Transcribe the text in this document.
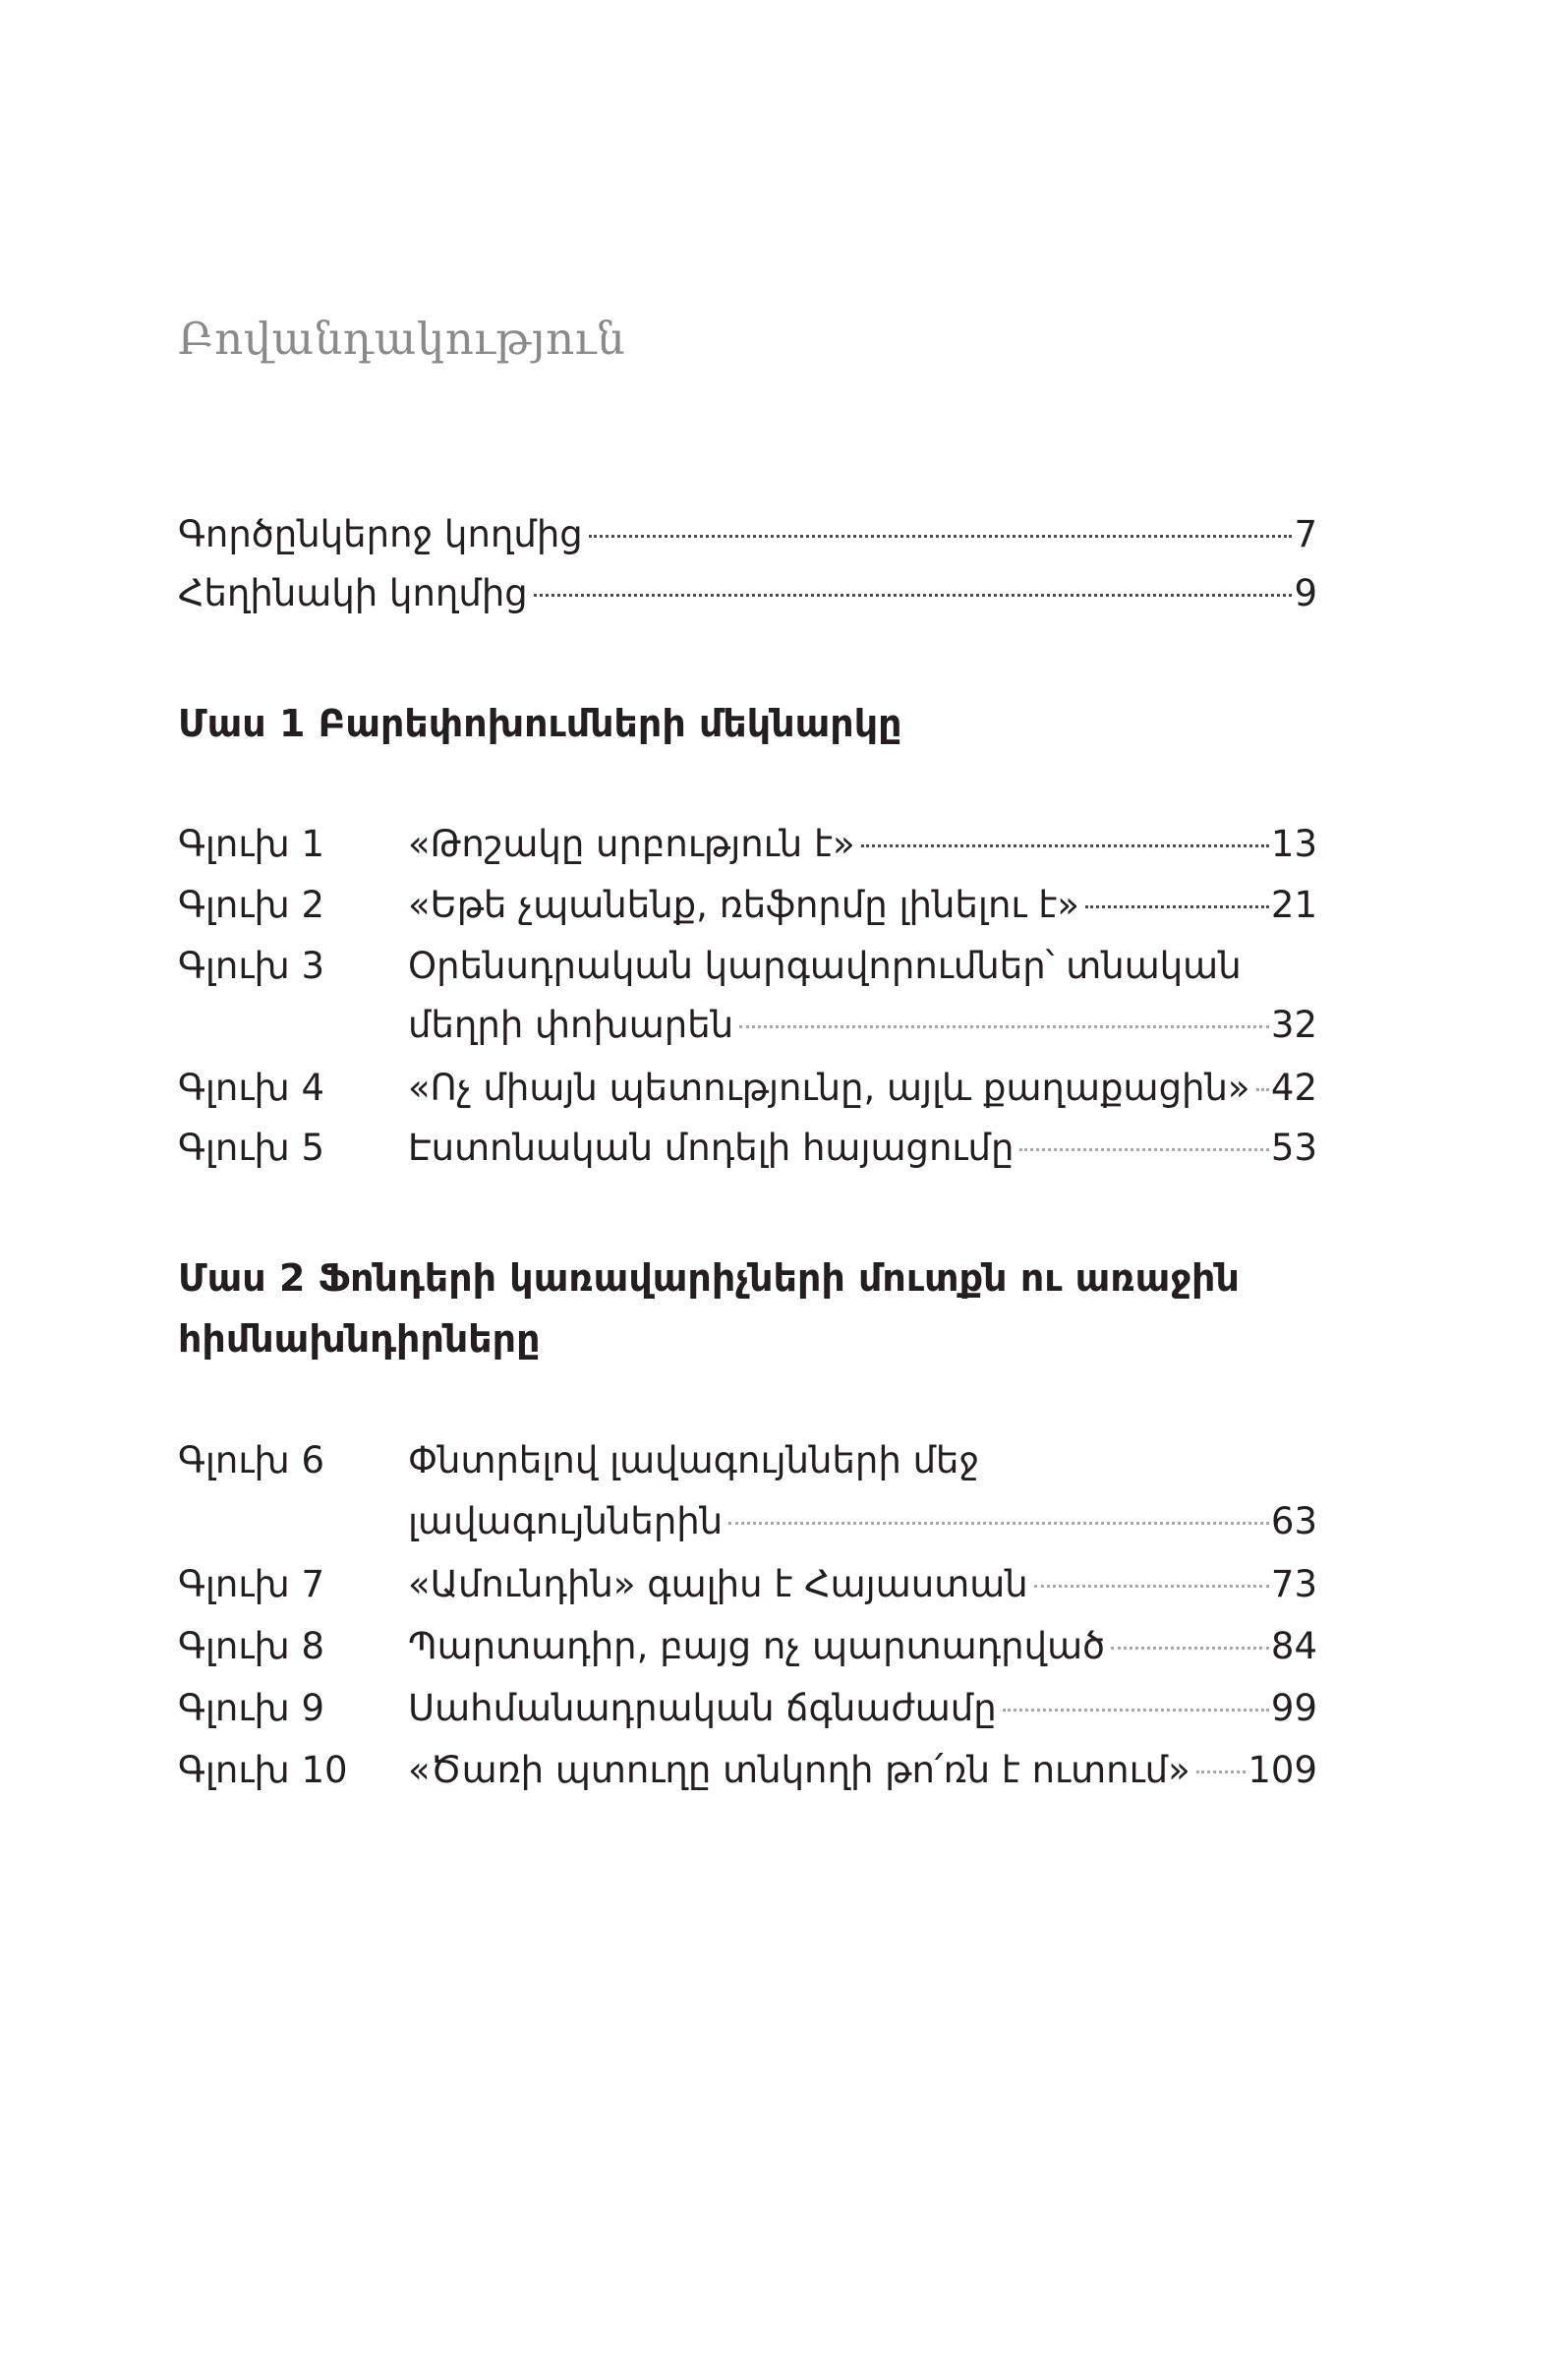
Բովանդակություն
Գործընկերոջ կողմից	7
Հեղինակի կողմից	9
Մաս 1 Բարեփոխումների մեկնարկը
Գլուխ 1 «Թոշակը սրբություն է»	13
Գլուխ 2 «Եթե չպանենք, ռեֆորմը լինելու է»	21
Գլուխ 3 Օրենսդրական կարգավորումներ՝ տնական
մեղրի փոխարեն	32
Գլուխ 4 «Ոչ միայն պետությունը, այլև քաղաքացին» 42
Գլուխ 5 Էստոնական մոդելի հայացումը	53
Մաս 2 Ֆոնդերի կառավարիչների մուտքն ու առաջին
հիմնախնդիրները
Գլուխ 6 Փնտրելով լավագույնների մեջ
լավագույններին	63
Գլուխ 7 «Ամունդին» գալիս է Հայաստան	73
Գլուխ 8 Պարտադիր, բայց ոչ պարտադրված	84
Գլուխ 9 Սահմանադրական ճգնաժամը	99
Գլուխ 10 «Ծառի պտուղը տնկողի թո՛ռն է ուտում» 109
